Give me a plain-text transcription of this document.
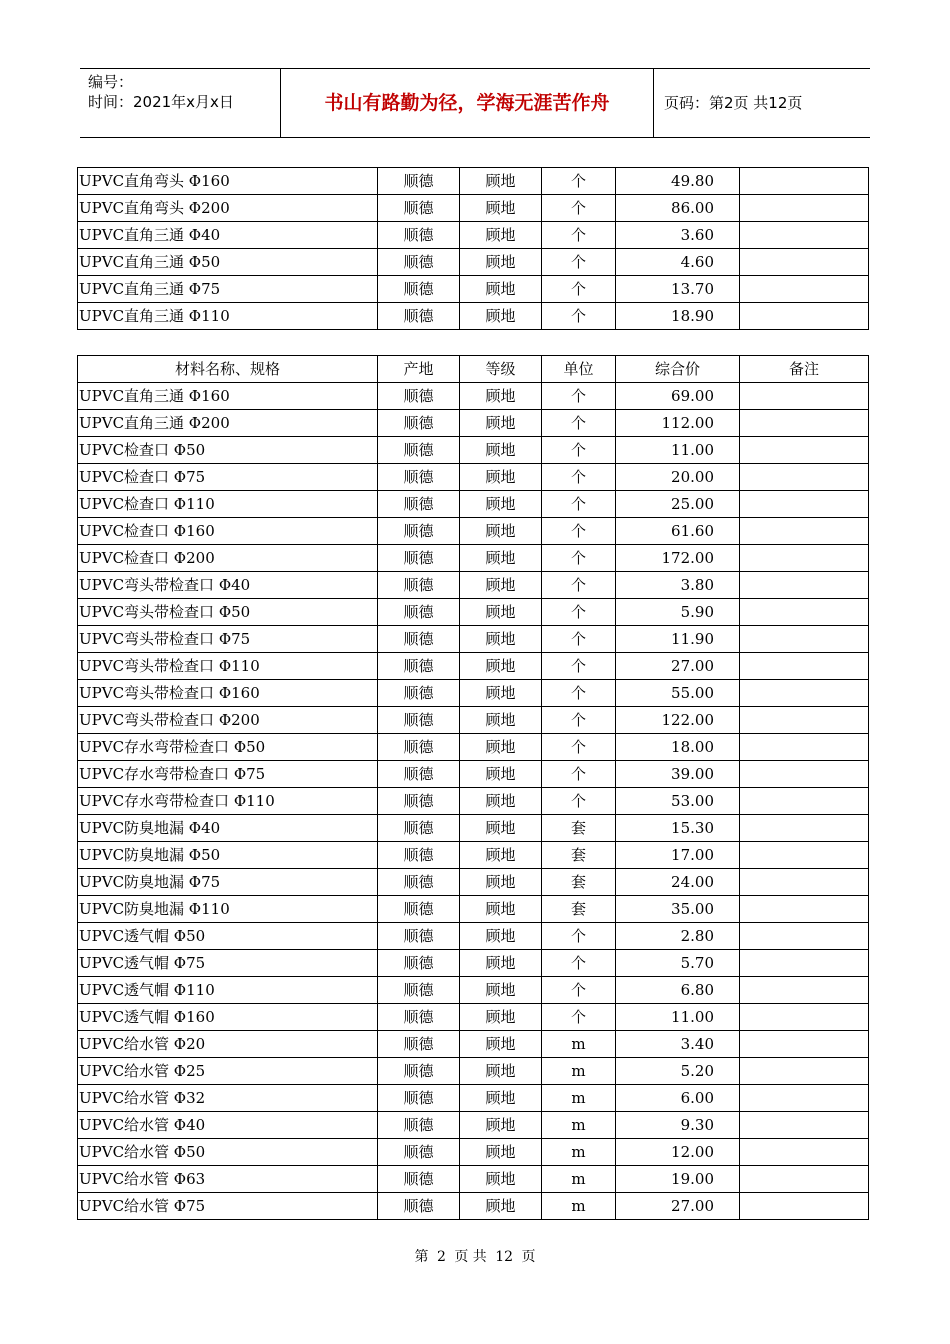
编号：
时间：2021年x月x日	书山有路勤为径，学海无涯苦作舟	页码：第2页 共12页
UPVC直角弯头 Φ160	顺德	顾地	个	49.80	
UPVC直角弯头 Φ200	顺德	顾地	个	86.00	
UPVC直角三通 Φ40	顺德	顾地	个	3.60	
UPVC直角三通 Φ50	顺德	顾地	个	4.60	
UPVC直角三通 Φ75	顺德	顾地	个	13.70	
UPVC直角三通 Φ110	顺德	顾地	个	18.90	
材料名称、规格	产地	等级	单位	综合价	备注
UPVC直角三通 Φ160	顺德	顾地	个	69.00	
UPVC直角三通 Φ200	顺德	顾地	个	112.00	
UPVC检查口 Φ50	顺德	顾地	个	11.00	
UPVC检查口 Φ75	顺德	顾地	个	20.00	
UPVC检查口 Φ110	顺德	顾地	个	25.00	
UPVC检查口 Φ160	顺德	顾地	个	61.60	
UPVC检查口 Φ200	顺德	顾地	个	172.00	
UPVC弯头带检查口 Φ40	顺德	顾地	个	3.80	
UPVC弯头带检查口 Φ50	顺德	顾地	个	5.90	
UPVC弯头带检查口 Φ75	顺德	顾地	个	11.90	
UPVC弯头带检查口 Φ110	顺德	顾地	个	27.00	
UPVC弯头带检查口 Φ160	顺德	顾地	个	55.00	
UPVC弯头带检查口 Φ200	顺德	顾地	个	122.00	
UPVC存水弯带检查口 Φ50	顺德	顾地	个	18.00	
UPVC存水弯带检查口 Φ75	顺德	顾地	个	39.00	
UPVC存水弯带检查口 Φ110	顺德	顾地	个	53.00	
UPVC防臭地漏 Φ40	顺德	顾地	套	15.30	
UPVC防臭地漏 Φ50	顺德	顾地	套	17.00	
UPVC防臭地漏 Φ75	顺德	顾地	套	24.00	
UPVC防臭地漏 Φ110	顺德	顾地	套	35.00	
UPVC透气帽 Φ50	顺德	顾地	个	2.80	
UPVC透气帽 Φ75	顺德	顾地	个	5.70	
UPVC透气帽 Φ110	顺德	顾地	个	6.80	
UPVC透气帽 Φ160	顺德	顾地	个	11.00	
UPVC给水管 Φ20	顺德	顾地	m	3.40	
UPVC给水管 Φ25	顺德	顾地	m	5.20	
UPVC给水管 Φ32	顺德	顾地	m	6.00	
UPVC给水管 Φ40	顺德	顾地	m	9.30	
UPVC给水管 Φ50	顺德	顾地	m	12.00	
UPVC给水管 Φ63	顺德	顾地	m	19.00	
UPVC给水管 Φ75	顺德	顾地	m	27.00	
第 2 页 共 12 页
